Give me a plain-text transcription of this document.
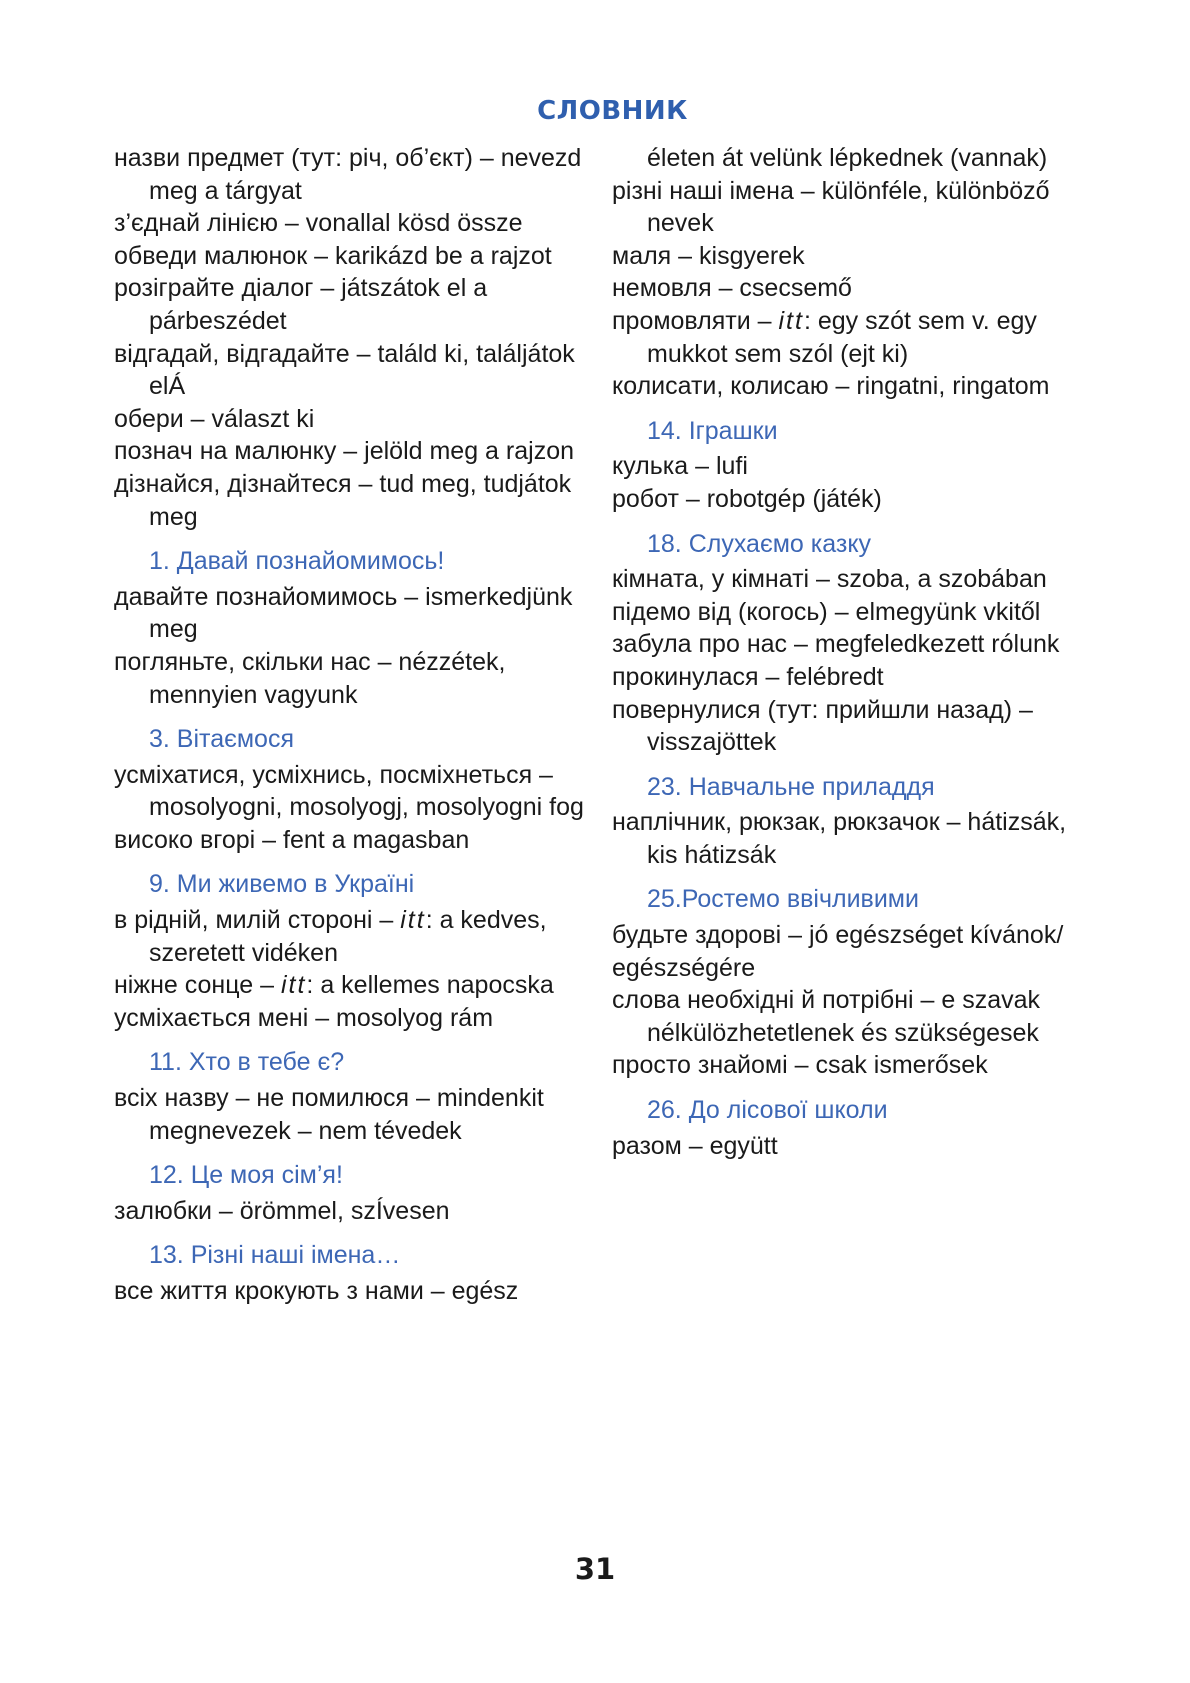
СЛОВНИК
назви предмет (тут: річ, об’єкт) – nevezd meg a tárgyat
з’єднай лінією – vonallal kösd össze
обведи малюнок – karikázd be a rajzot
розіграйте діалог – játszátok el a párbeszédet
відгадай, відгадайте – találd ki, találjátok elÁ
обери – választ ki
познач на малюнку – jelöld meg a rajzon
дізнайся, дізнайтеся – tud meg, tudjátok meg
1. Давай познайомимось!
давайте познайомимось – ismerkedjünk meg
погляньте, скільки нас – nézzétek, mennyien vagyunk
3. Вітаємося
усміхатися, усміхнись, посміхнеться – mosolyogni, mosolyogj, mosolyogni fog
високо вгорі – fent a magasban
9. Ми живемо в Україні
в рідній, милій стороні – itt: a kedves, szeretett vidéken
ніжне сонце – itt: a kellemes napocska
усміхається мені – mosolyog rám
11. Хто в тебе є?
всіх назву – не помилюся – mindenkit megnevezek – nem tévedek
12. Це моя сім’я!
залюбки – örömmel, szÍvesen
13. Різні наші імена…
все життя крокують з нами – egész
életen át velünk lépkednek (vannak)
різні наші імена – különféle, különböző nevek
маля – kisgyerek
немовля – csecsemő
промовляти – itt: egy szót sem v. egy mukkot sem szól (ejt ki)
колисати, колисаю – ringatni, ringatom
14. Іграшки
кулька – lufi
робот – robotgép (játék)
18. Слухаємо казку
кімната, у кімнаті – szoba, a szobában
підемо від (когось) – elmegyünk vkitől
забула про нас – megfeledkezett rólunk
прокинулася – felébredt
повернулися (тут: прийшли назад) – visszajöttek
23. Навчальне приладдя
наплічник, рюкзак, рюкзачок – hátizsák, kis hátizsák
25.Ростемо ввічливими
будьте здорові – jó egészséget kívánok/
egészségére
слова необхідні й потрібні – e szavak nélkülözhetetlenek és szükségesek
просто знайомі – csak ismerősek
26. До лісової школи
разом – együtt
31
